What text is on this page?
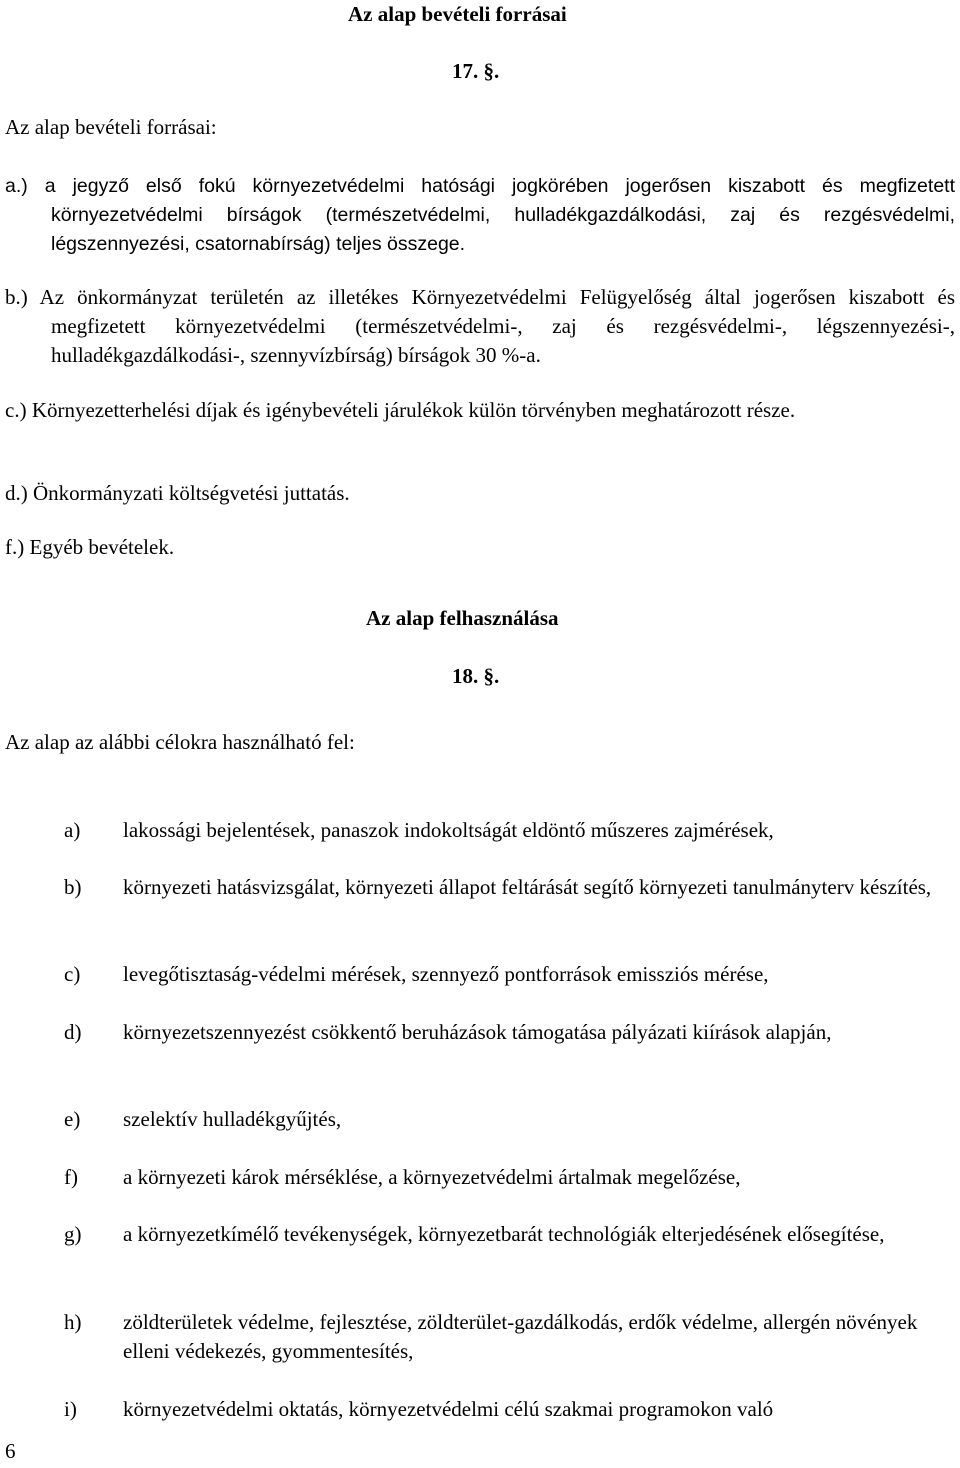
Az alap bevételi forrásai
17. §.
Az alap bevételi forrásai:
a.) a jegyző első fokú környezetvédelmi hatósági jogkörében jogerősen kiszabott és megfizetett környezetvédelmi bírságok (természetvédelmi, hulladékgazdálkodási, zaj és rezgésvédelmi, légszennyezési, csatornabírság) teljes összege.
b.) Az önkormányzat területén az illetékes Környezetvédelmi Felügyelőség által jogerősen kiszabott és megfizetett környezetvédelmi (természetvédelmi-, zaj és rezgésvédelmi-, légszennyezési-, hulladékgazdálkodási-, szennyvízbírság) bírságok 30 %-a.
c.) Környezetterhelési díjak és igénybevételi járulékok külön törvényben meghatározott része.
d.) Önkormányzati költségvetési juttatás.
f.) Egyéb bevételek.
Az alap felhasználása
18. §.
Az alap az alábbi célokra használható fel:
a)	lakossági bejelentések, panaszok indokoltságát eldöntő műszeres zajmérések,
b)	környezeti hatásvizsgálat, környezeti állapot feltárását segítő környezeti tanulmányterv készítés,
c)	levegőtisztaság-védelmi mérések, szennyező pontforrások emissziós mérése,
d)	környezetszennyezést csökkentő beruházások támogatása pályázati kiírások alapján,
e)	szelektív hulladékgyűjtés,
f)	a környezeti károk mérséklése, a környezetvédelmi ártalmak megelőzése,
g)	a környezetkímélő tevékenységek, környezetbarát technológiák elterjedésének elősegítése,
h)	zöldterületek védelme, fejlesztése, zöldterület-gazdálkodás, erdők védelme, allergén növények elleni védekezés, gyommentesítés,
i)	környezetvédelmi oktatás, környezetvédelmi célú szakmai programokon való
6
